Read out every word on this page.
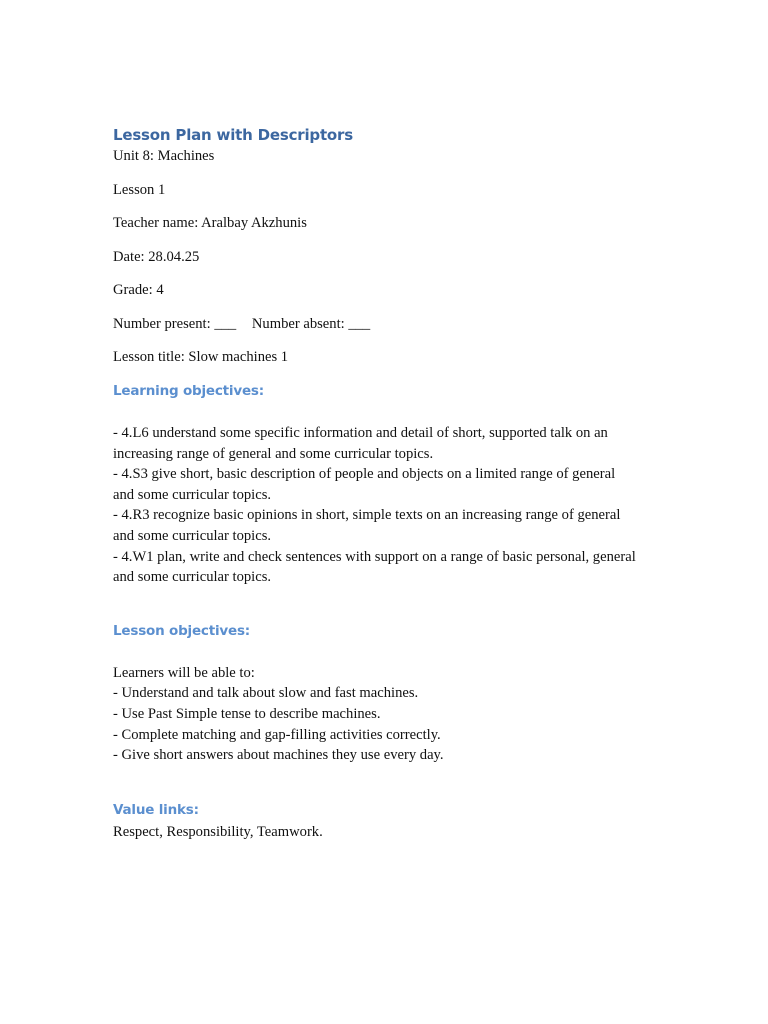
Lesson Plan with Descriptors

Unit 8: Machines

Lesson 1

Teacher name: Aralbay Akzhunis

Date: 28.04.25

Grade: 4

Number present: ___ Number absent: ___

Lesson title: Slow machines 1

Learning objectives:

- 4.L6 understand some specific information and detail of short, supported talk on an

increasing range of general and some curricular topics.

- 4.S3 give short, basic description of people and objects on a limited range of general

and some curricular topics.

- 4.R3 recognize basic opinions in short, simple texts on an increasing range of general

and some curricular topics.

- 4.W1 plan, write and check sentences with support on a range of basic personal, general

and some curricular topics.

Lesson objectives:

Learners will be able to:

- Understand and talk about slow and fast machines.

- Use Past Simple tense to describe machines.

- Complete matching and gap-filling activities correctly.

- Give short answers about machines they use every day.

Value links:

Respect, Responsibility, Teamwork.
